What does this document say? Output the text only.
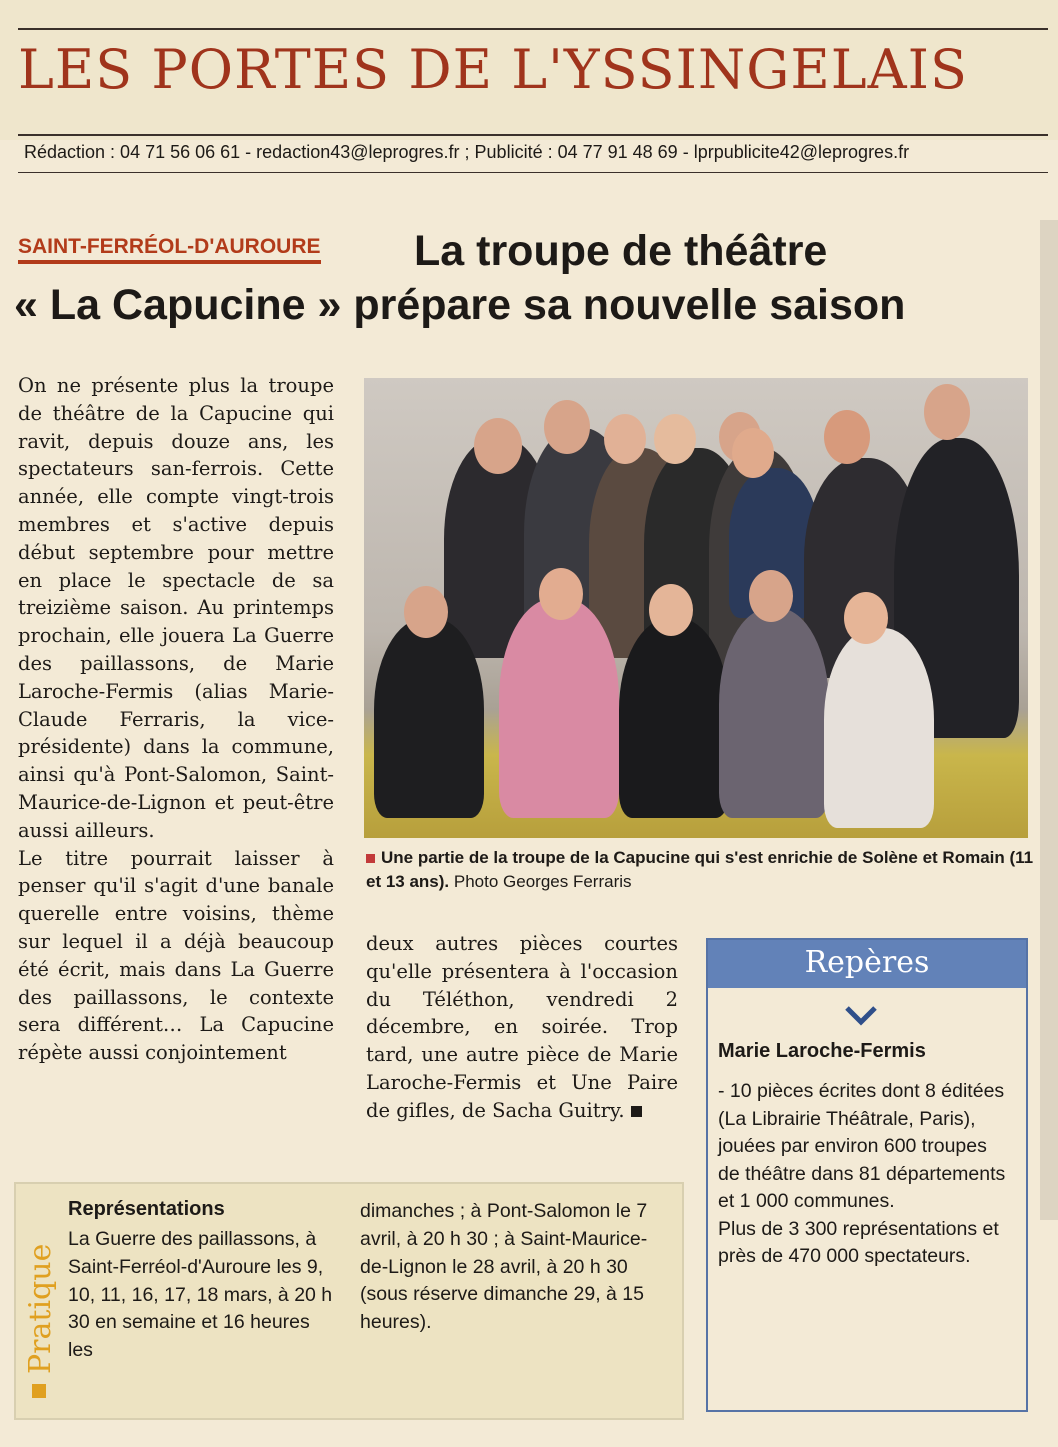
LES PORTES DE L'YSSINGELAIS
Rédaction : 04 71 56 06 61 - redaction43@leprogres.fr ; Publicité : 04 77 91 48 69 - lprpublicite42@leprogres.fr
La troupe de théâtre
« La Capucine » prépare sa nouvelle saison
SAINT-FERRÉOL-D'AUROURE

On ne présente plus la troupe de théâtre de la Capucine qui ravit, depuis douze ans, les spectateurs san-ferrois. Cette année, elle compte vingt-trois membres et s'active depuis début septembre pour mettre en place le spectacle de sa treizième saison. Au printemps prochain, elle jouera La Guerre des paillassons, de Marie Laroche-Fermis (alias Marie-Claude Ferraris, la vice-présidente) dans la commune, ainsi qu'à Pont-Salomon, Saint-Maurice-de-Lignon et peut-être aussi ailleurs.

Le titre pourrait laisser à penser qu'il s'agit d'une banale querelle entre voisins, thème sur lequel il a déjà beaucoup été écrit, mais dans La Guerre des paillassons, le contexte sera différent… La Capucine répète aussi conjointement

Une partie de la troupe de la Capucine qui s'est enrichie de Solène et Romain (11 et 13 ans). Photo Georges Ferraris

deux autres pièces courtes qu'elle présentera à l'occasion du Téléthon, vendredi 2 décembre, en soirée. Trop tard, une autre pièce de Marie Laroche-Fermis et Une Paire de gifles, de Sacha Guitry.

Repères
Marie Laroche-Fermis
- 10 pièces écrites dont 8 éditées (La Librairie Théâtrale, Paris), jouées par environ 600 troupes de théâtre dans 81 départements et 1 000 communes.
Plus de 3 300 représentations et près de 470 000 spectateurs.
Pratique
Représentations
La Guerre des paillassons, à Saint-Ferréol-d'Auroure les 9, 10, 11, 16, 17, 18 mars, à 20 h 30 en semaine et 16 heures les
dimanches ; à Pont-Salomon le 7 avril, à 20 h 30 ; à Saint-Maurice-de-Lignon le 28 avril, à 20 h 30 (sous réserve dimanche 29, à 15 heures).
